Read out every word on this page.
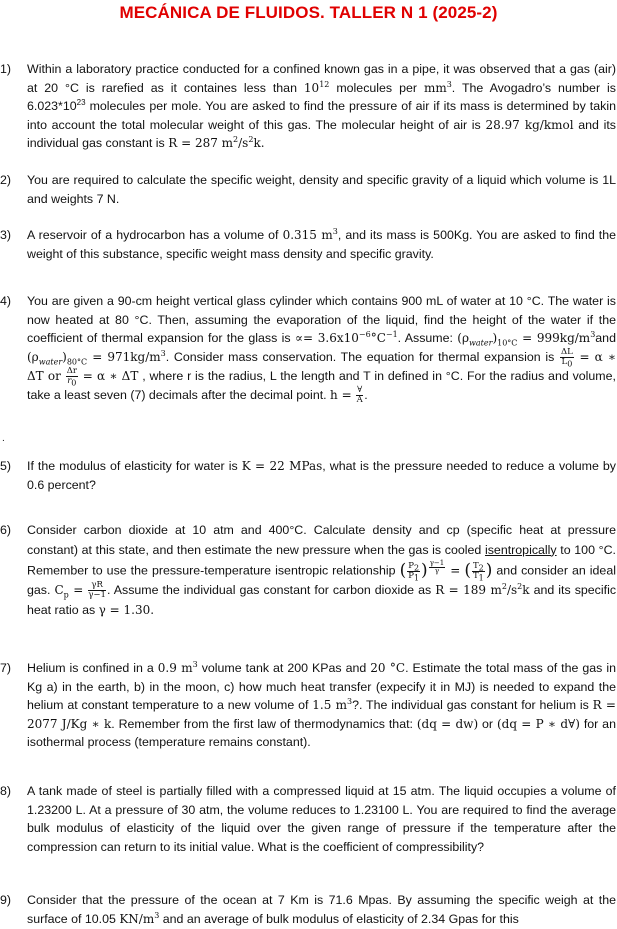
MECÁNICA DE FLUIDOS. TALLER N 1 (2025-2)
1)	Within a laboratory practice conducted for a confined known gas in a pipe, it was observed that a gas (air) at 20 °C is rarefied as it containes less than $10^{12}$ molecules per $mm^3$. The Avogadro’s number is $6.023*10^{23}$ molecules per mole. You are asked to find the pressure of air if its mass is determined by takin into account the total molecular weight of this gas. The molecular height of air is 28.97 kg/kmol and its individual gas constant is R = 287 $m^2/s^2k$.
2)	You are required to calculate the specific weight, density and specific gravity of a liquid which volume is 1L and weights 7 N.
3)	A reservoir of a hydrocarbon has a volume of 0.315 $m^3$, and its mass is 500Kg. You are asked to find the weight of this substance, specific weight mass density and specific gravity.
4)	You are given a 90-cm height vertical glass cylinder which contains 900 mL of water at 10 °C. The water is now heated at 80 °C. Then, assuming the evaporation of the liquid, find the height of the water if the coefficient of thermal expansion for the glass is ∝= $3.6x10^{-6}^\circ C^{-1}$. Assume: $(\rho_{water})_{10^\circ C} = 999kg/m^3and$ $(\rho_{water})_{80^\circ C} = 971kg/m^3$. Consider mass conservation. The equation for thermal expansion is $\frac{\Delta L}{L_0} = \alpha$ ∗ ΔT or $\frac{\Delta r}{r_0} = \alpha$ ∗ ΔT , where r is the radius, L the length and T in defined in °C. For the radius and volume, take a least seven (7) decimals after the decimal point. $h = \frac{\forall}{A}$ .
.
5)	If the modulus of elasticity for water is K = 22 MPas, what is the pressure needed to reduce a volume by 0.6 percent?
6)	Consider carbon dioxide at 10 atm and 400°C. Calculate density and cp (specific heat at pressure constant) at this state, and then estimate the new pressure when the gas is cooled isentropically to 100 °C. Remember to use the pressure-temperature isentropic relationship ( $\frac{P_2}{P_1}$ ) $^{\frac{\gamma-1}{\gamma}}$ = ( $\frac{T_2}{T_1}$ ) and consider an ideal gas. $C_p = \frac{\gamma R}{\gamma-1}$ . Assume the individual gas constant for carbon dioxide as R = 189 $m^2/s^2k$ and its specific heat ratio as γ = 1.30.
7)	Helium is confined in a 0.9 $m^3$ volume tank at 200 KPas and 20 °C. Estimate the total mass of the gas in Kg a) in the earth, b) in the moon, c) how much heat transfer (expecify it in MJ) is needed to expand the helium at constant temperature to a new volume of 1.5 $m^3$?. The individual gas constant for helium is R = 2077 J/Kg ∗ k. Remember from the first law of thermodynamics that: (dq = dw) or (dq = P ∗ d∀) for an isothermal process (temperature remains constant).
8)	A tank made of steel is partially filled with a compressed liquid at 15 atm. The liquid occupies a volume of 1.23200 L. At a pressure of 30 atm, the volume reduces to 1.23100 L. You are required to find the average bulk modulus of elasticity of the liquid over the given range of pressure if the temperature after the compression can return to its initial value. What is the coefficient of compressibility?
9)	Consider that the pressure of the ocean at 7 Km is 71.6 Mpas. By assuming the specific weigh at the surface of 10.05 $KN/m^3$ and an average of bulk modulus of elasticity of 2.34 Gpas for this
